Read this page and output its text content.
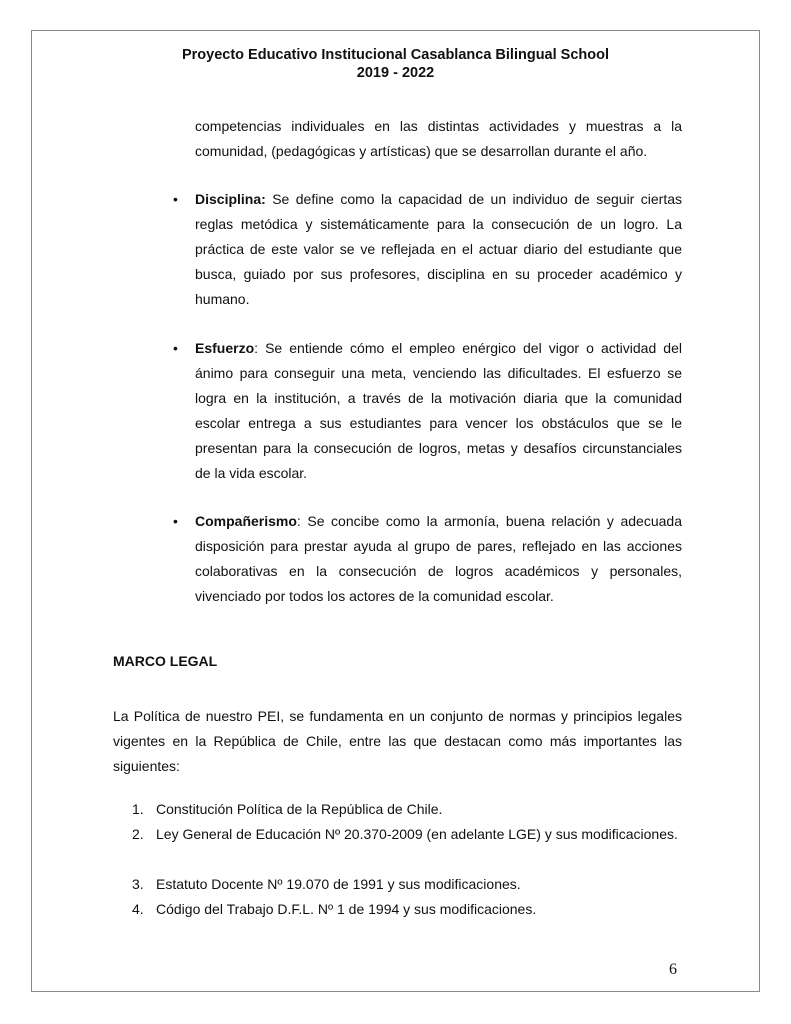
Proyecto Educativo Institucional Casablanca Bilingual School
2019 - 2022

competencias individuales en las distintas actividades y muestras a la comunidad, (pedagógicas y artísticas) que se desarrollan durante el año.

• Disciplina: Se define como la capacidad de un individuo de seguir ciertas reglas metódica y sistemáticamente para la consecución de un logro. La práctica de este valor se ve reflejada en el actuar diario del estudiante que busca, guiado por sus profesores, disciplina en su proceder académico y humano.

• Esfuerzo: Se entiende cómo el empleo enérgico del vigor o actividad del ánimo para conseguir una meta, venciendo las dificultades. El esfuerzo se logra en la institución, a través de la motivación diaria que la comunidad escolar entrega a sus estudiantes para vencer los obstáculos que se le presentan para la consecución de logros, metas y desafíos circunstanciales de la vida escolar.

• Compañerismo: Se concibe como la armonía, buena relación y adecuada disposición para prestar ayuda al grupo de pares, reflejado en las acciones colaborativas en la consecución de logros académicos y personales, vivenciado por todos los actores de la comunidad escolar.

MARCO LEGAL

La Política de nuestro PEI, se fundamenta en un conjunto de normas y principios legales vigentes en la República de Chile, entre las que destacan como más importantes las siguientes:

1. Constitución Política de la República de Chile.
2. Ley General de Educación Nº 20.370-2009 (en adelante LGE) y sus modificaciones.
3. Estatuto Docente Nº 19.070 de 1991 y sus modificaciones.
4. Código del Trabajo D.F.L. Nº 1 de 1994 y sus modificaciones.
6
